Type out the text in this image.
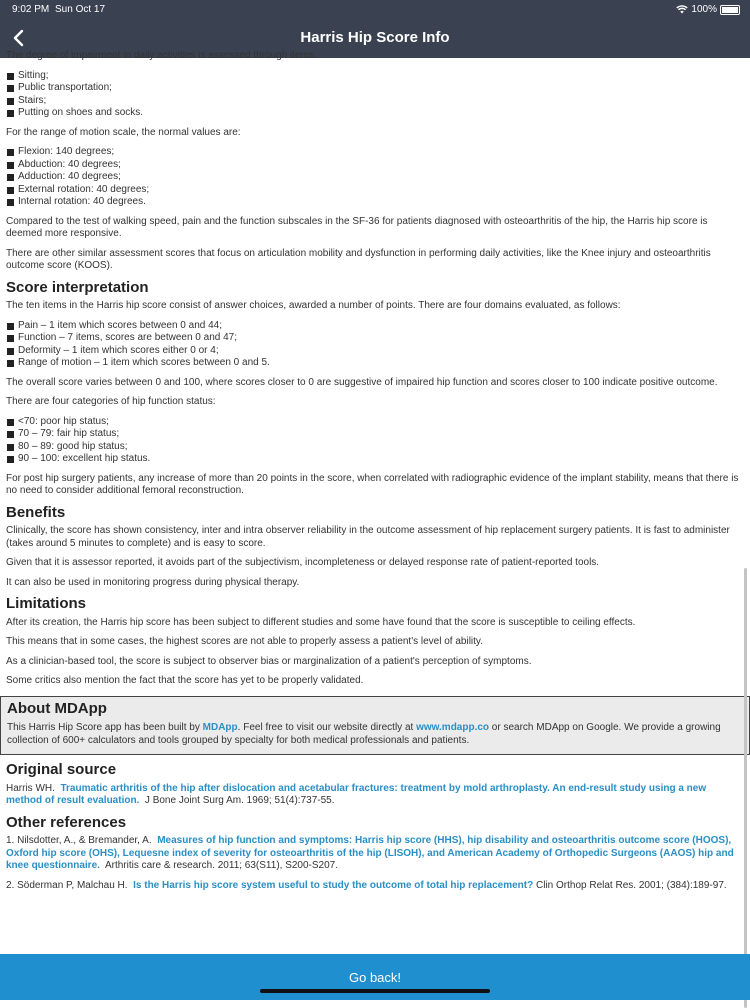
9:02 PM Sun Oct 17	100%
Harris Hip Score Info

The degree of impairment in daily activities is assessed through items:

Sitting;
Public transportation;
Stairs;
Putting on shoes and socks.

For the range of motion scale, the normal values are:

Flexion: 140 degrees;
Abduction: 40 degrees;
Adduction: 40 degrees;
External rotation: 40 degrees;
Internal rotation: 40 degrees.

Compared to the test of walking speed, pain and the function subscales in the SF-36 for patients diagnosed with osteoarthritis of the hip, the Harris hip score is deemed more responsive.

There are other similar assessment scores that focus on articulation mobility and dysfunction in performing daily activities, like the Knee injury and osteoarthritis outcome score (KOOS).

Score interpretation

The ten items in the Harris hip score consist of answer choices, awarded a number of points. There are four domains evaluated, as follows:

Pain – 1 item which scores between 0 and 44;
Function – 7 items, scores are between 0 and 47;
Deformity – 1 item which scores either 0 or 4;
Range of motion – 1 item which scores between 0 and 5.

The overall score varies between 0 and 100, where scores closer to 0 are suggestive of impaired hip function and scores closer to 100 indicate positive outcome.

There are four categories of hip function status:

<70: poor hip status;
70 – 79: fair hip status;
80 – 89: good hip status;
90 – 100: excellent hip status.

For post hip surgery patients, any increase of more than 20 points in the score, when correlated with radiographic evidence of the implant stability, means that there is no need to consider additional femoral reconstruction.

Benefits

Clinically, the score has shown consistency, inter and intra observer reliability in the outcome assessment of hip replacement surgery patients. It is fast to administer (takes around 5 minutes to complete) and is easy to score.

Given that it is assessor reported, it avoids part of the subjectivism, incompleteness or delayed response rate of patient-reported tools.

It can also be used in monitoring progress during physical therapy.

Limitations

After its creation, the Harris hip score has been subject to different studies and some have found that the score is susceptible to ceiling effects.

This means that in some cases, the highest scores are not able to properly assess a patient's level of ability.

As a clinician-based tool, the score is subject to observer bias or marginalization of a patient's perception of symptoms.

Some critics also mention the fact that the score has yet to be properly validated.

About MDApp

This Harris Hip Score app has been built by MDApp. Feel free to visit our website directly at www.mdapp.co or search MDApp on Google. We provide a growing collection of 600+ calculators and tools grouped by specialty for both medical professionals and patients.

Original source

Harris WH. Traumatic arthritis of the hip after dislocation and acetabular fractures: treatment by mold arthroplasty. An end-result study using a new method of result evaluation. J Bone Joint Surg Am. 1969; 51(4):737-55.

Other references

1. Nilsdotter, A., & Bremander, A. Measures of hip function and symptoms: Harris hip score (HHS), hip disability and osteoarthritis outcome score (HOOS), Oxford hip score (OHS), Lequesne index of severity for osteoarthritis of the hip (LISOH), and American Academy of Orthopedic Surgeons (AAOS) hip and knee questionnaire. Arthritis care & research. 2011; 63(S11), S200-S207.

2. Söderman P, Malchau H. Is the Harris hip score system useful to study the outcome of total hip replacement? Clin Orthop Relat Res. 2001; (384):189-97.

Go back!
